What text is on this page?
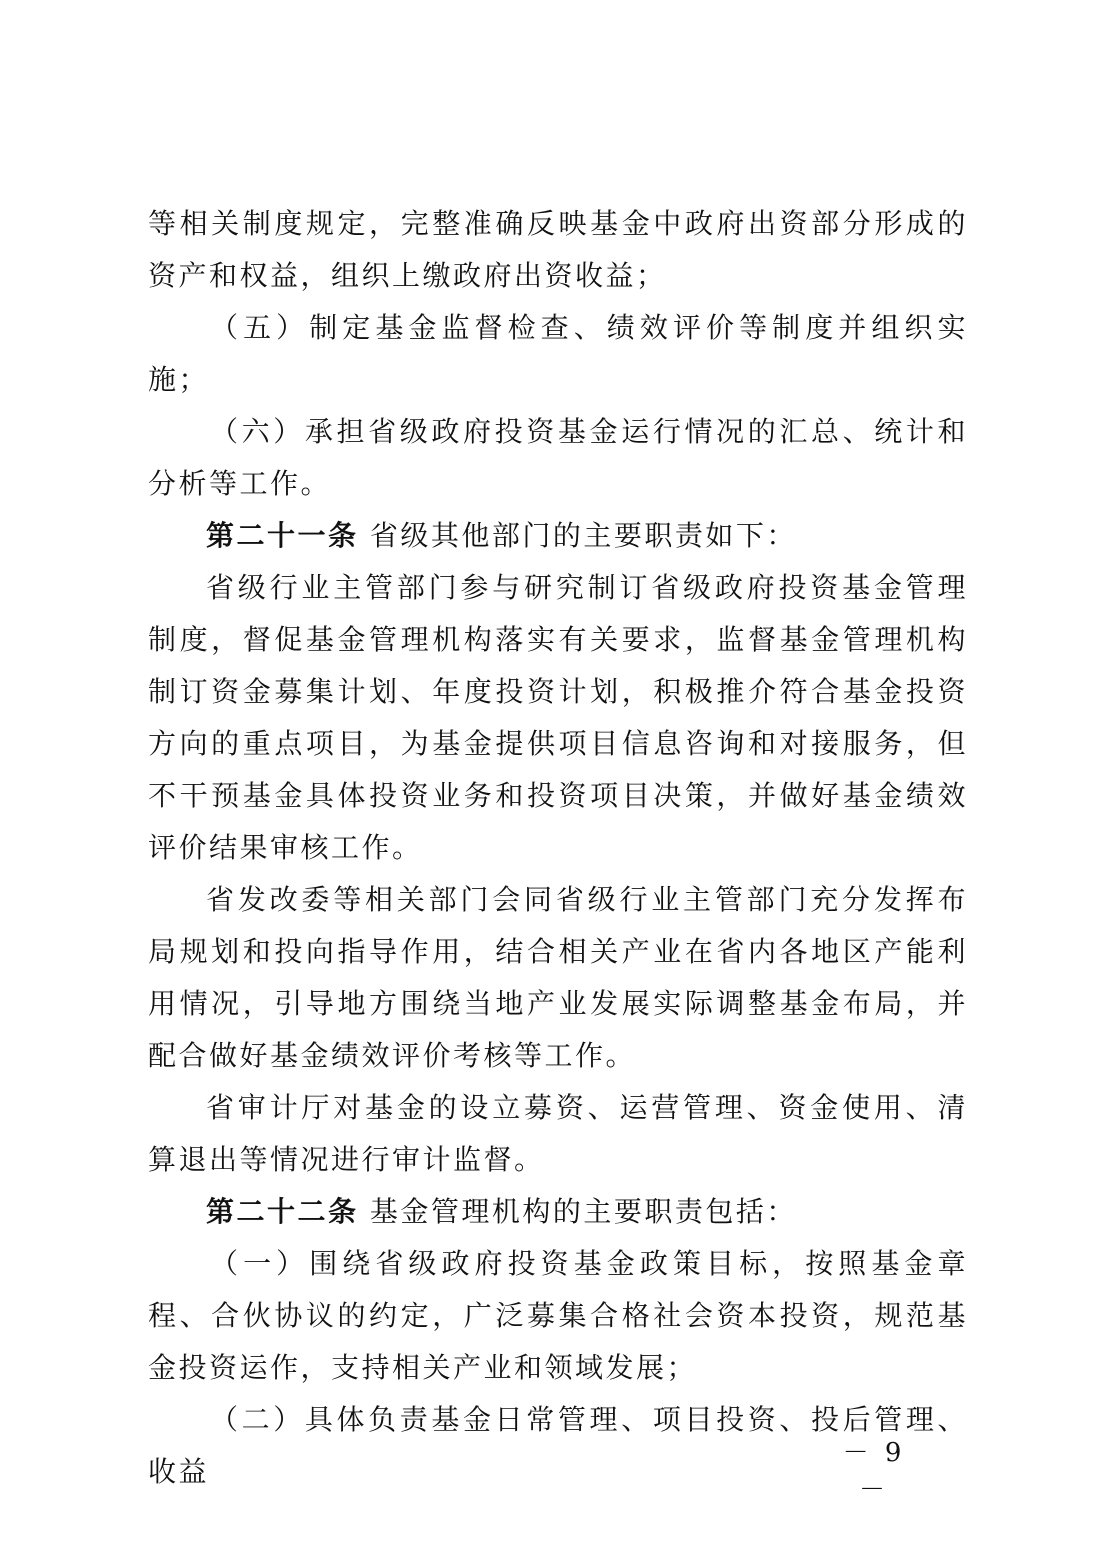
等相关制度规定，完整准确反映基金中政府出资部分形成的资产和权益，组织上缴政府出资收益；

（五）制定基金监督检查、绩效评价等制度并组织实施；

（六）承担省级政府投资基金运行情况的汇总、统计和分析等工作。

第二十一条 省级其他部门的主要职责如下：

省级行业主管部门参与研究制订省级政府投资基金管理制度，督促基金管理机构落实有关要求，监督基金管理机构制订资金募集计划、年度投资计划，积极推介符合基金投资方向的重点项目，为基金提供项目信息咨询和对接服务，但不干预基金具体投资业务和投资项目决策，并做好基金绩效评价结果审核工作。

省发改委等相关部门会同省级行业主管部门充分发挥布局规划和投向指导作用，结合相关产业在省内各地区产能利用情况，引导地方围绕当地产业发展实际调整基金布局，并配合做好基金绩效评价考核等工作。

省审计厅对基金的设立募资、运营管理、资金使用、清算退出等情况进行审计监督。

第二十二条 基金管理机构的主要职责包括：

（一）围绕省级政府投资基金政策目标，按照基金章程、合伙协议的约定，广泛募集合格社会资本投资，规范基金投资运作，支持相关产业和领域发展；

（二）具体负责基金日常管理、项目投资、投后管理、收益

－ 9 －
